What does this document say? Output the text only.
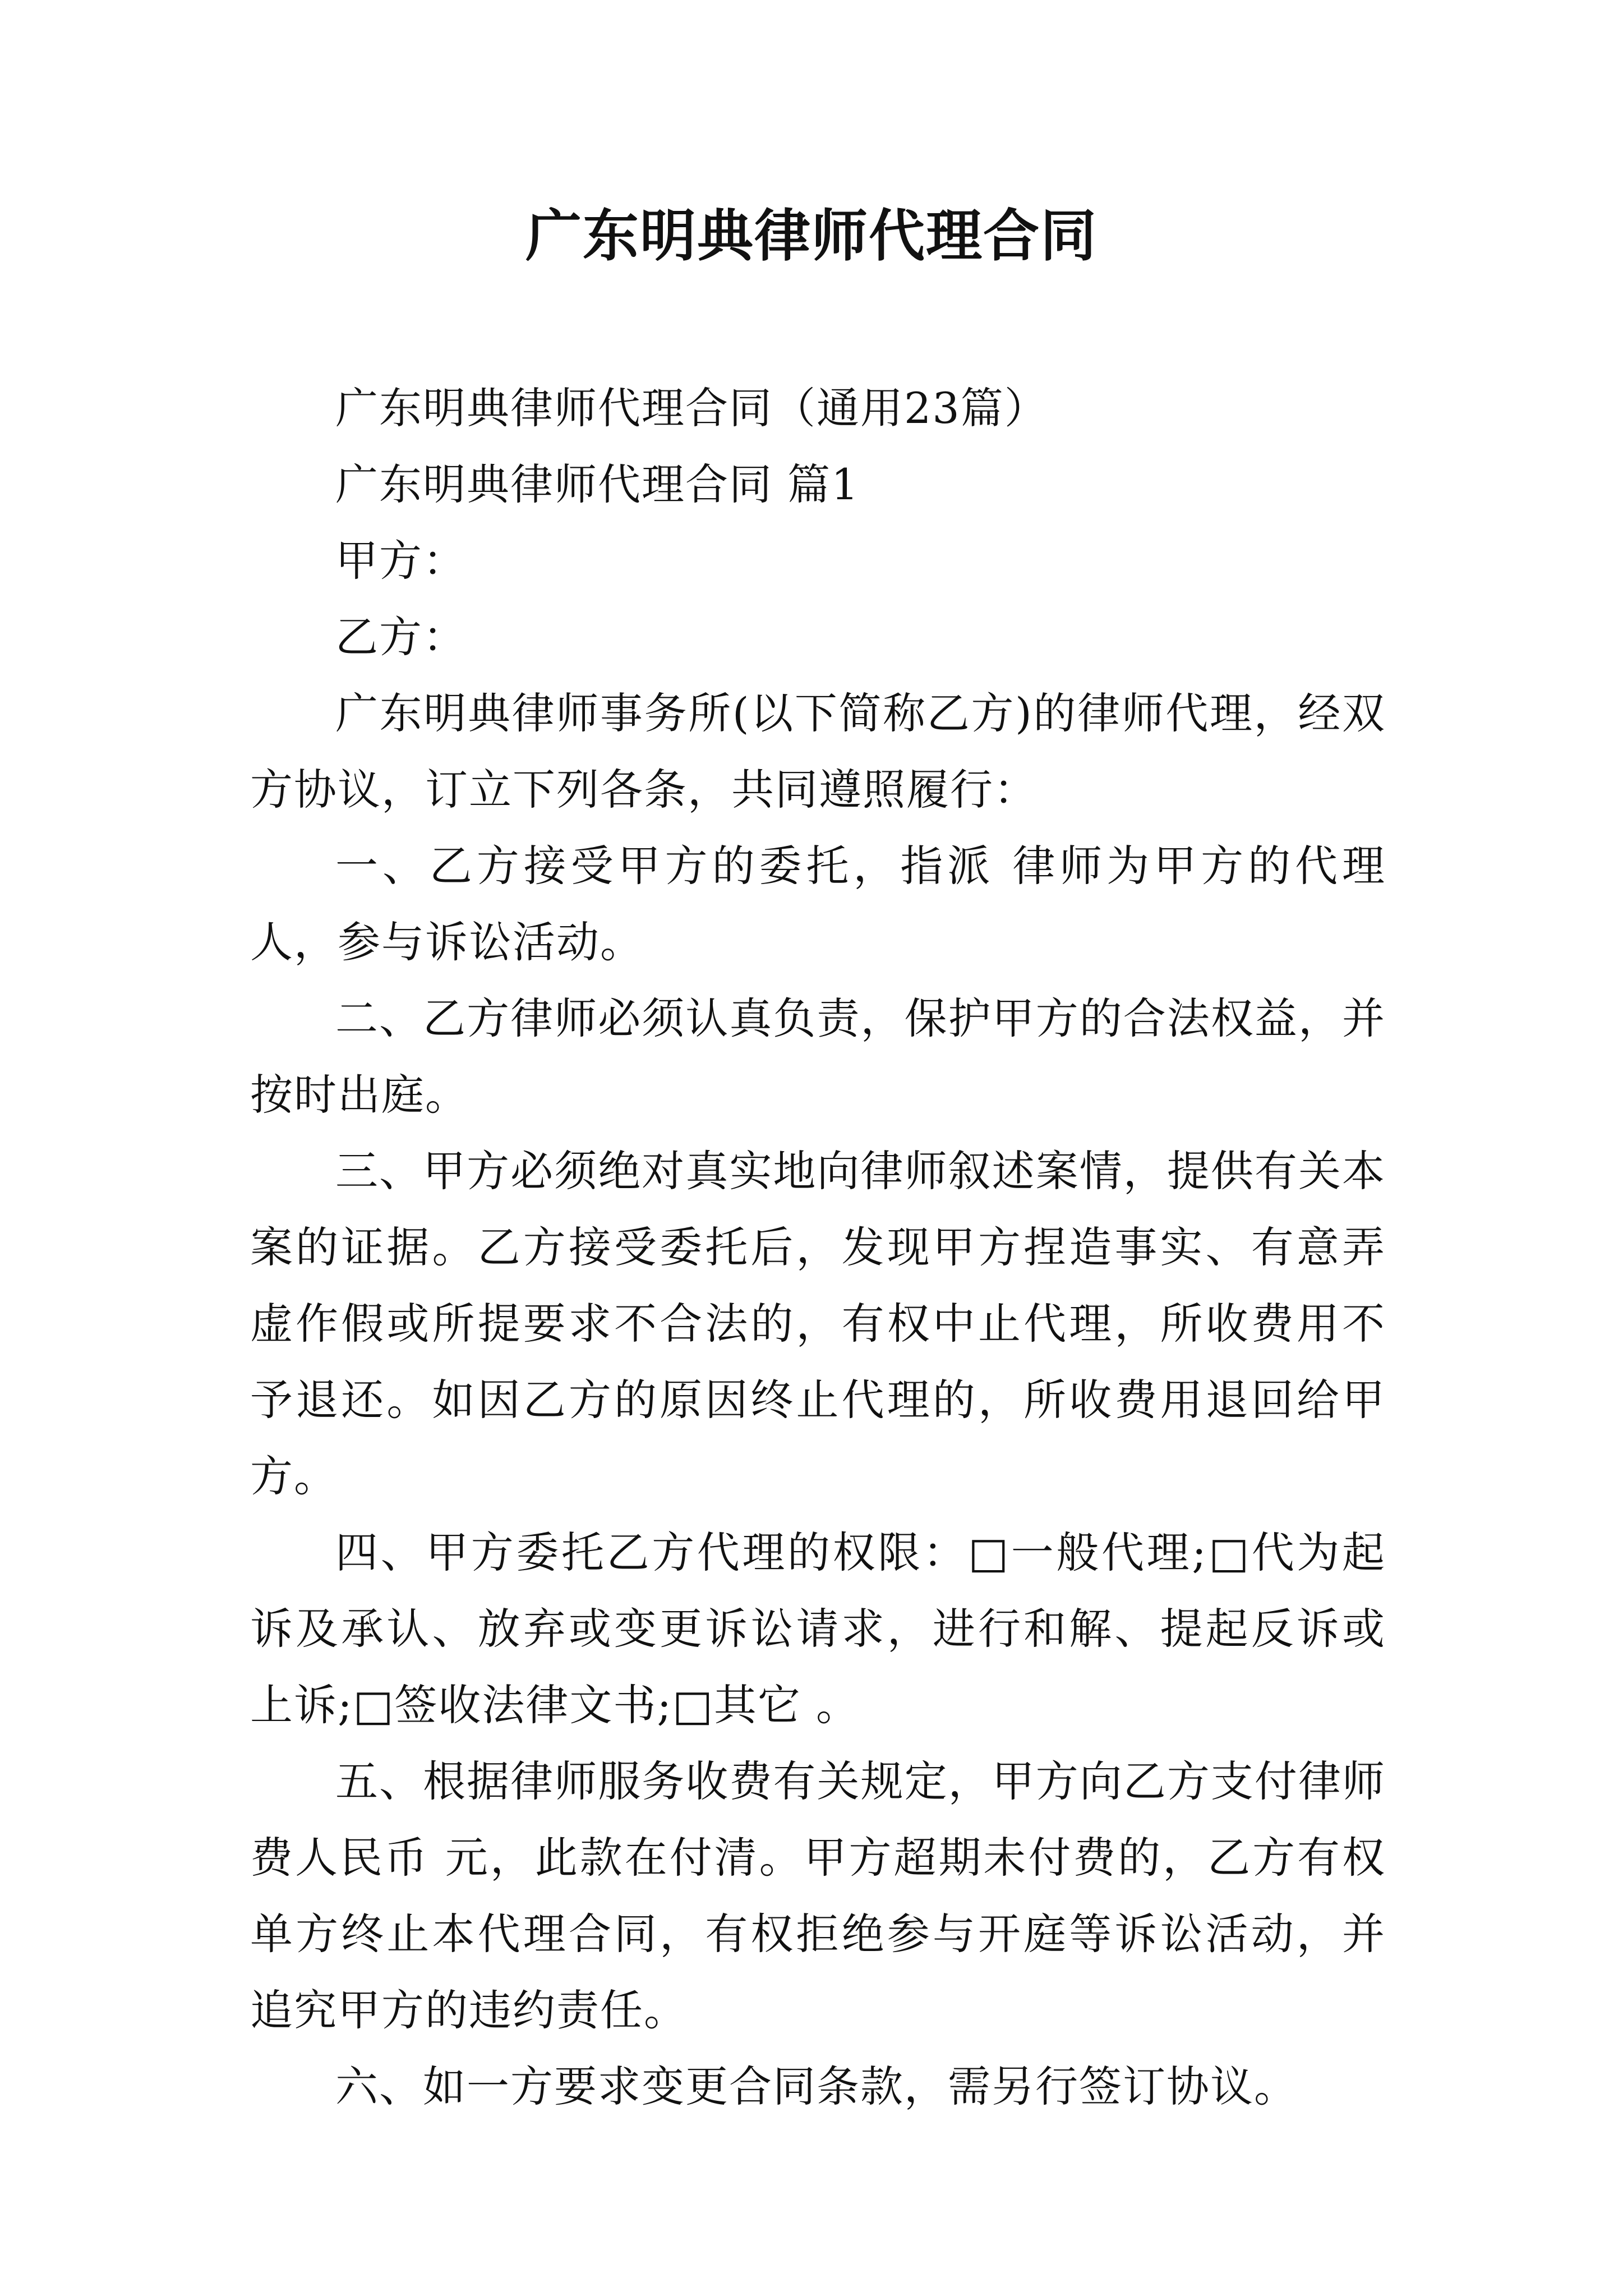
广东明典律师代理合同

广东明典律师代理合同（通用23篇）

广东明典律师代理合同 篇1

甲方：

乙方：

广东明典律师事务所(以下简称乙方)的律师代理，经双方协议，订立下列各条，共同遵照履行：

一、乙方接受甲方的委托，指派 律师为甲方的代理人，参与诉讼活动。

二、乙方律师必须认真负责，保护甲方的合法权益，并按时出庭。

三、甲方必须绝对真实地向律师叙述案情，提供有关本案的证据。乙方接受委托后，发现甲方捏造事实、有意弄虚作假或所提要求不合法的，有权中止代理，所收费用不予退还。如因乙方的原因终止代理的，所收费用退回给甲方。

四、甲方委托乙方代理的权限：□一般代理;□代为起诉及承认、放弃或变更诉讼请求，进行和解、提起反诉或上诉;□签收法律文书;□其它 。

五、根据律师服务收费有关规定，甲方向乙方支付律师费人民币 元，此款在付清。甲方超期未付费的，乙方有权单方终止本代理合同，有权拒绝参与开庭等诉讼活动，并追究甲方的违约责任。

六、如一方要求变更合同条款，需另行签订协议。
